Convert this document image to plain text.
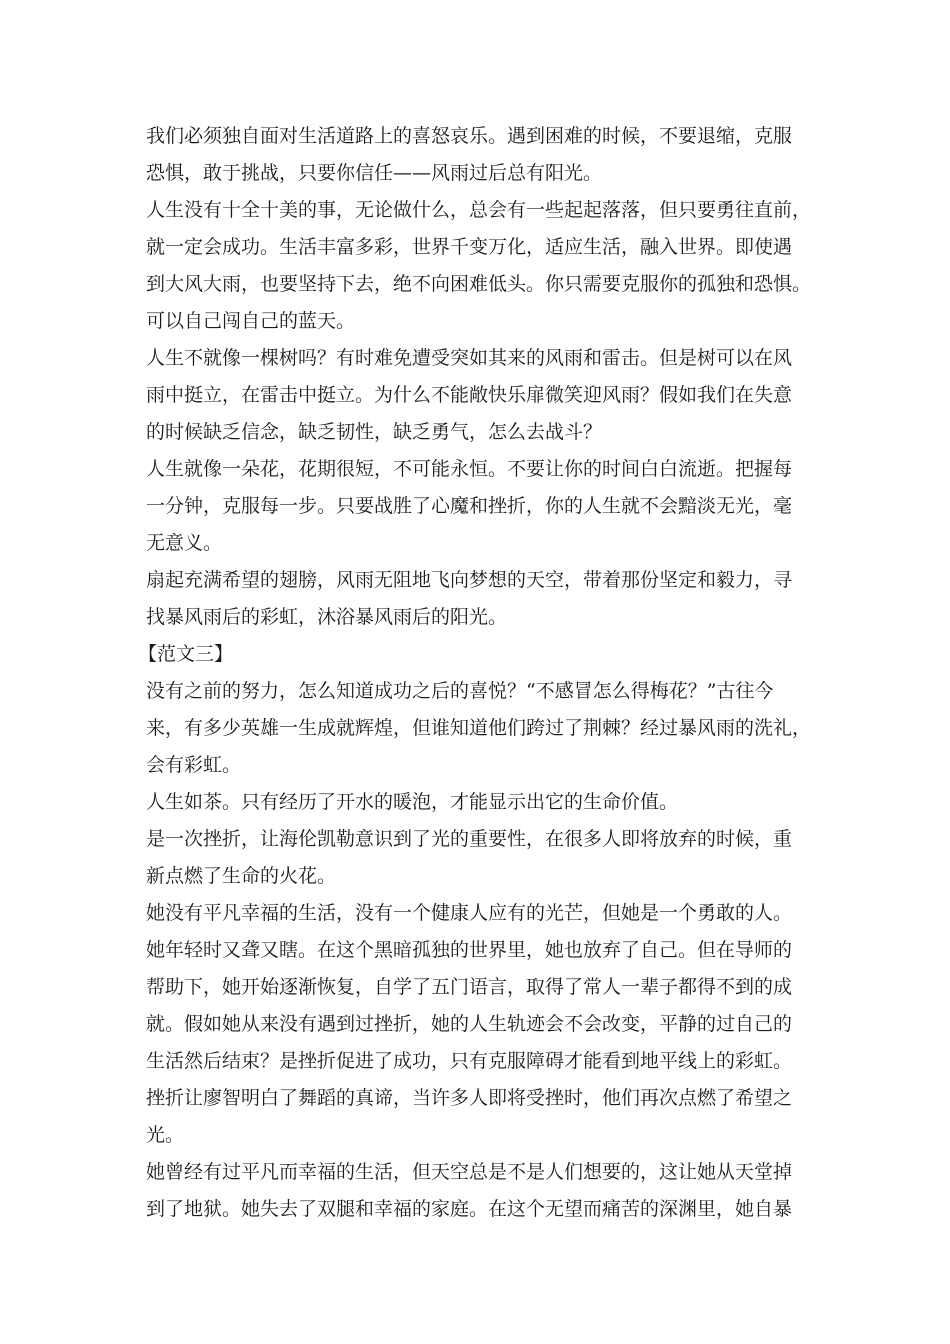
我们必须独自面对生活道路上的喜怒哀乐。遇到困难的时候，不要退缩，克服
恐惧，敢于挑战，只要你信任——风雨过后总有阳光。
人生没有十全十美的事，无论做什么，总会有一些起起落落，但只要勇往直前，
就一定会成功。生活丰富多彩，世界千变万化，适应生活，融入世界。即使遇
到大风大雨，也要坚持下去，绝不向困难低头。你只需要克服你的孤独和恐惧。
可以自己闯自己的蓝天。
人生不就像一棵树吗？有时难免遭受突如其来的风雨和雷击。但是树可以在风
雨中挺立，在雷击中挺立。为什么不能敞快乐扉微笑迎风雨？假如我们在失意
的时候缺乏信念，缺乏韧性，缺乏勇气，怎么去战斗？
人生就像一朵花，花期很短，不可能永恒。不要让你的时间白白流逝。把握每
一分钟，克服每一步。只要战胜了心魔和挫折，你的人生就不会黯淡无光，毫
无意义。
扇起充满希望的翅膀，风雨无阻地飞向梦想的天空，带着那份坚定和毅力，寻
找暴风雨后的彩虹，沐浴暴风雨后的阳光。
【范文三】
没有之前的努力，怎么知道成功之后的喜悦？“不感冒怎么得梅花？”古往今
来，有多少英雄一生成就辉煌，但谁知道他们跨过了荆棘？经过暴风雨的洗礼，
会有彩虹。
人生如茶。只有经历了开水的暖泡，才能显示出它的生命价值。
是一次挫折，让海伦凯勒意识到了光的重要性，在很多人即将放弃的时候，重
新点燃了生命的火花。
她没有平凡幸福的生活，没有一个健康人应有的光芒，但她是一个勇敢的人。
她年轻时又聋又瞎。在这个黑暗孤独的世界里，她也放弃了自己。但在导师的
帮助下，她开始逐渐恢复，自学了五门语言，取得了常人一辈子都得不到的成
就。假如她从来没有遇到过挫折，她的人生轨迹会不会改变，平静的过自己的
生活然后结束？是挫折促进了成功，只有克服障碍才能看到地平线上的彩虹。
挫折让廖智明白了舞蹈的真谛，当许多人即将受挫时，他们再次点燃了希望之
光。
她曾经有过平凡而幸福的生活，但天空总是不是人们想要的，这让她从天堂掉
到了地狱。她失去了双腿和幸福的家庭。在这个无望而痛苦的深渊里，她自暴
